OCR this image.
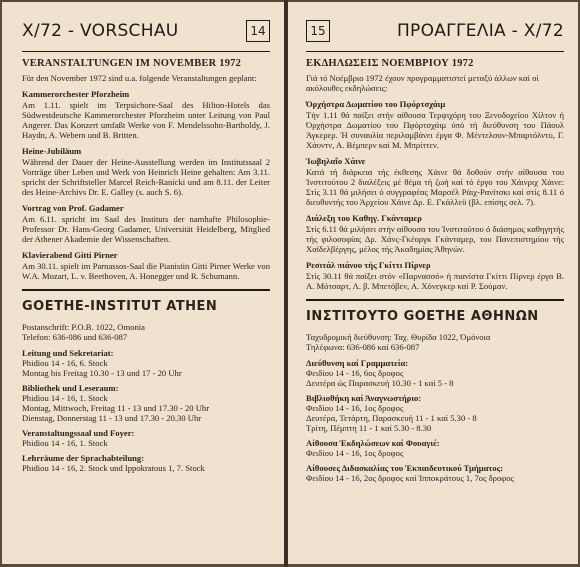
X/72 - VORSCHAU	14
VERANSTALTUNGEN IM NOVEMBER 1972
Für den November 1972 sind u.a. folgende Veranstaltungen geplant:
Kammerorchester Pforzheim
Am 1.11. spielt im Terpsichore-Saal des Hilton-Hotels das Südwestdeutsche Kammerorchester Pforzheim unter Leitung von Paul Angerer. Das Konzert umfaßt Werke von F. Mendelssohn-Bartholdy, J. Haydn, A. Webern und B. Britten.
Heine-Jubiläum
Während der Dauer der Heine-Ausstellung werden im Institutssaal 2 Vorträge über Leben und Werk von Heinrich Heine gehalten: Am 3.11. spricht der Schriftsteller Marcel Reich-Ranicki und am 8.11. der Leiter des Heine-Archivs Dr. E. Galley (s. auch S. 6).
Vortrag von Prof. Gadamer
Am 6.11. spricht im Saal des Instituts der namhafte Philosophie-Professor Dr. Hans-Georg Gadamer, Universität Heidelberg, Mitglied der Athener Akademie der Wissenschaften.
Klavierabend Gitti Pirner
Am 30.11. spielt im Parnassos-Saal die Pianistin Gitti Pirner Werke von W.A. Mozart, L. v. Beethoven, A. Honegger und R. Schumann.
GOETHE-INSTITUT ATHEN
Postanschrift: P.O.B. 1022, Omonia
Telefon: 636-086 und 636-087
Leitung und Sekretariat:
Phidiou 14 - 16, 6. Stock
Montag bis Freitag 10.30 - 13 und 17 - 20 Uhr
Bibliothek und Leseraum:
Phidiou 14 - 16, 1. Stock
Montag, Mittwoch, Freitag 11 - 13 und 17.30 - 20 Uhr
Dienstag, Donnerstag 11 - 13 und 17.30 - 20.30 Uhr
Veranstaltungssaal und Foyer:
Phidiou 14 - 16, 1. Stock
Lehrräume der Sprachabteilung:
Phidiou 14 - 16, 2. Stock und Ippokratous 1, 7. Stock
15	ΠΡΟΑΓΓΕΛΙΑ - X/72
ΕΚΔΗΛΩΣΕΙΣ ΝΟΕΜΒΡΙΟΥ 1972
Γιά τό Νοέμβριο 1972 έχουν προγραμματιστεί μεταξύ άλλων καί οί ακόλουθες εκδηλώσεις:
Όρχήστρα Δωματίου του Πφόρτσχάιμ
Τήν 1.11 θά παίξει στήν αίθουσα Τερψιχόρη του Ξενοδοχείου Χίλτον ή Όρχήστρα Δωματίου του Πφόρτσχάιμ ύπό τή διεύθυνση του Πάουλ Άγκερερ. Ή συναυλία περιλαμβάνει έργα Φ. Μέντελσον-Μπαρτόλντυ, Γ. Χάυντν, Α. Βέμπερν καί Μ. Μπρίττεν.
Ίωβηλαΐο Χάινε
Κατά τή διάρκεια τής έκθεσης Χάινε θά δοθούν στήν αίθουσα του Ίνστιτούτου 2 διαλέξεις μέ θέμα τή ζωή καί τό έργο του Χάινριχ Χάινε: Στίς 3.11 θά μιλήσει ό συγγραφέας Μαρσέλ Ράιχ-Ρανίτσκι καί στίς 8.11 ό διευθυντής του Άρχείου Χάινε Δρ. Ε. Γκάλλεϋ (βλ. επίσης σελ. 7).
Διάλεξη του Καθηγ. Γκάνταμερ
Στίς 6.11 θά μιλήσει στήν αίθουσα του Ίνστιτούτου ό διάσημος καθηγητής τής φιλοσοφίας Δρ. Χάνς-Γκέοργκ Γκάνταμερ, του Πανεπιστημίου τής Χαϊδελβέργης, μέλος τής Άκαδημίας Άθηνών.
Ρεσιτάλ πιάνου τής Γκίττι Πίρνερ
Στίς 30.11 θά παίξει στόν «Παρνασσό» ή πιανίστα Γκίττι Πίρνερ έργα Β. Α. Μότσαρτ, Λ. β. Μπετόβεν, Α. Χόνεγκερ καί Ρ. Σούμαν.
ΙΝΣΤΙΤΟΥΤΟ GOETHE ΑΘΗΝΩΝ
Ταχυδρομική διεύθυνση: Ταχ. Θυρίδα 1022, Όμόνοια
Τηλέφωνα: 636-086 καί 636-087
Διεύθυνση καί Γραμματεία:
Φειδίου 14 - 16, 6ος δροφος
Δευτέρα ώς Παρασκευή 10.30 - 1 καί 5 - 8
Βιβλιοθήκη καί Άναγνωστήριο:
Φειδίου 14 - 16, 1ος δροφος
Δευτέρα, Τετάρτη, Παρασκευή 11 - 1 καί 5.30 - 8
Τρίτη, Πέμπτη 11 - 1 καί 5.30 - 8.30
Αίθουσα Έκδηλώσεων καί Φουαγιέ:
Φειδίου 14 - 16, 1ος δροφος
Αίθουσες Διδασκαλίας του Έκπαιδευτικού Τμήματος:
Φειδίου 14 - 16, 2ος δροφος καί Ίπποκράτους 1, 7ος δροφος
